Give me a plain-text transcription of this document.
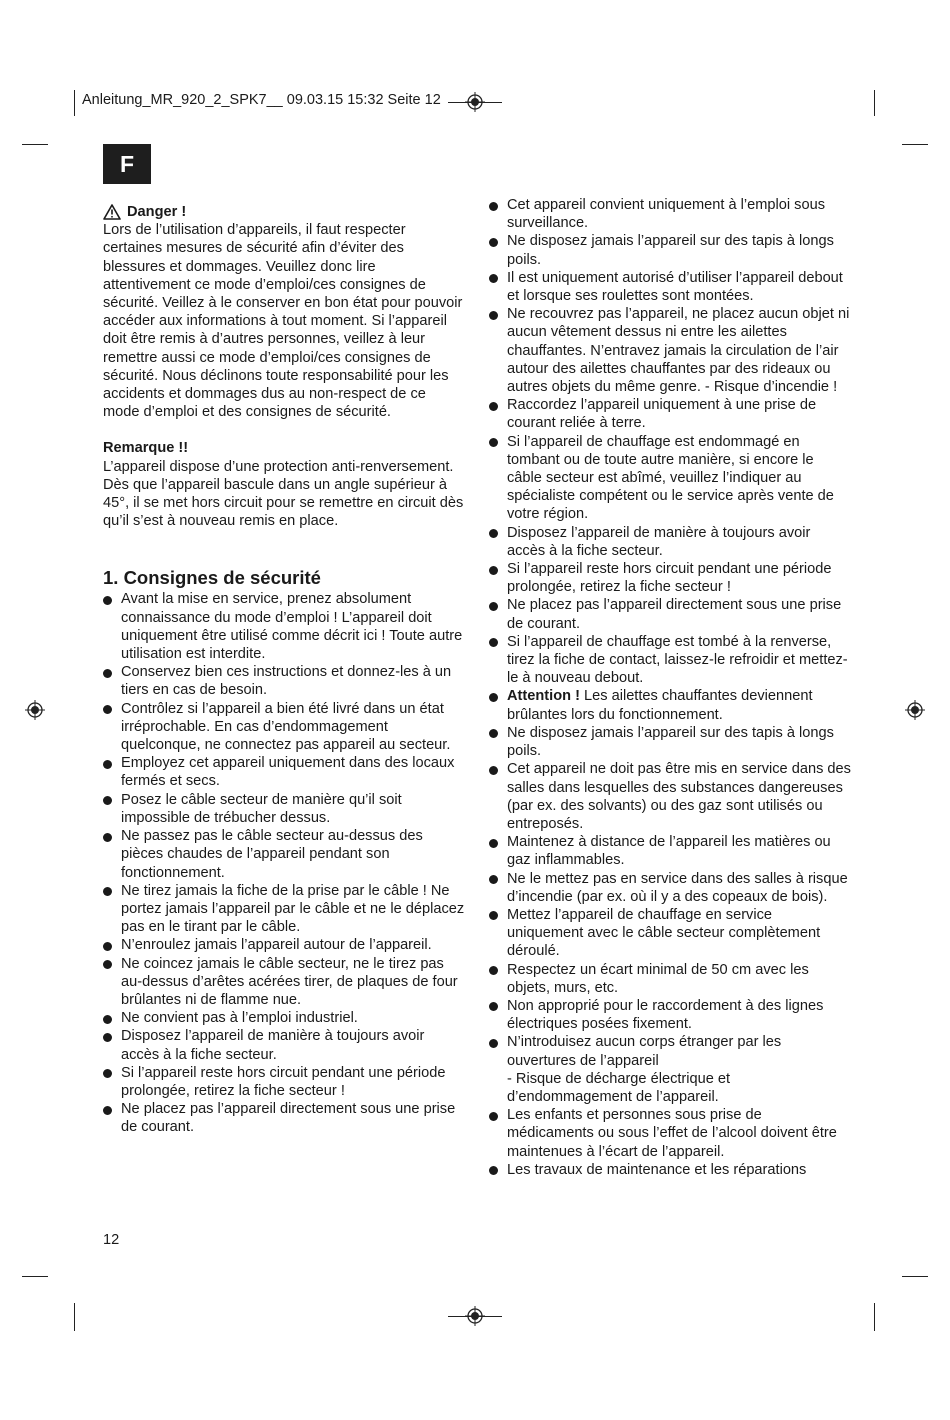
Anleitung_MR_920_2_SPK7__ 09.03.15 15:32 Seite 12
F

Danger !

Lors de l’utilisation d’appareils, il faut respecter certaines mesures de sécurité afin d’éviter des blessures et dommages. Veuillez donc lire attentivement ce mode d’emploi/ces consignes de sécurité. Veillez à le conserver en bon état pour pouvoir accéder aux informations à tout moment. Si l’appareil doit être remis à d’autres personnes, veillez à leur remettre aussi ce mode d’emploi/ces consignes de sécurité. Nous déclinons toute responsabilité pour les accidents et dommages dus au non-respect de ce mode d’emploi et des consignes de sécurité.

Remarque !!

L’appareil dispose d’une protection anti-renversement. Dès que l’appareil bascule dans un angle supérieur à 45°, il se met hors circuit pour se remettre en circuit dès qu’il s’est à nouveau remis en place.

1. Consignes de sécurité
Avant la mise en service, prenez absolument connaissance du mode d’emploi ! L’appareil doit uniquement être utilisé comme décrit ici ! Toute autre utilisation est interdite.
Conservez bien ces instructions et donnez-les à un tiers en cas de besoin.
Contrôlez si l’appareil a bien été livré dans un état irréprochable. En cas d’endommagement quelconque, ne connectez pas appareil au secteur.
Employez cet appareil uniquement dans des locaux fermés et secs.
Posez le câble secteur de manière qu’il soit impossible de trébucher dessus.
Ne passez pas le câble secteur au-dessus des pièces chaudes de l’appareil pendant son fonctionnement.
Ne tirez jamais la fiche de la prise par le câble ! Ne portez jamais l’appareil par le câble et ne le déplacez pas en le tirant par le câble.
N’enroulez jamais l’appareil autour de l’appareil.
Ne coincez jamais le câble secteur, ne le tirez pas au-dessus d’arêtes acérées tirer, de plaques de four brûlantes ni de flamme nue.
Ne convient pas à l’emploi industriel.
Disposez l’appareil de manière à toujours avoir accès à la fiche secteur.
Si l’appareil reste hors circuit pendant une période prolongée, retirez la fiche secteur !
Ne placez pas l’appareil directement sous une prise de courant.
Cet appareil convient uniquement à l’emploi sous surveillance.
Ne disposez jamais l’appareil sur des tapis à longs poils.
Il est uniquement autorisé d’utiliser l’appareil debout et lorsque ses roulettes sont montées.
Ne recouvrez pas l’appareil, ne placez aucun objet ni aucun vêtement dessus ni entre les ailettes chauffantes. N’entravez jamais la circulation de l’air autour des ailettes chauffantes par des rideaux ou autres objets du même genre. - Risque d’incendie !
Raccordez l’appareil uniquement à une prise de courant reliée à terre.
Si l’appareil de chauffage est endommagé en tombant ou de toute autre manière, si encore le câble secteur est abîmé, veuillez l’indiquer au spécialiste compétent ou le service après vente de votre région.
Disposez l’appareil de manière à toujours avoir accès à la fiche secteur.
Si l’appareil reste hors circuit pendant une période prolongée, retirez la fiche secteur !
Ne placez pas l’appareil directement sous une prise de courant.
Si l’appareil de chauffage est tombé à la renverse, tirez la fiche de contact, laissez-le refroidir et mettez-le à nouveau debout.
Attention ! Les ailettes chauffantes deviennent brûlantes lors du fonctionnement.
Ne disposez jamais l’appareil sur des tapis à longs poils.
Cet appareil ne doit pas être mis en service dans des salles dans lesquelles des substances dangereuses (par ex. des solvants) ou des gaz sont utilisés ou entreposés.
Maintenez à distance de l’appareil les matières ou gaz inflammables.
Ne le mettez pas en service dans des salles à risque d’incendie (par ex. où il y a des copeaux de bois).
Mettez l’appareil de chauffage en service uniquement avec le câble secteur complètement déroulé.
Respectez un écart minimal de 50 cm avec les objets, murs, etc.
Non approprié pour le raccordement à des lignes électriques posées fixement.
N’introduisez aucun corps étranger par les ouvertures de l’appareil
- Risque de décharge électrique et d’endommagement de l’appareil.
Les enfants et personnes sous prise de médicaments ou sous l’effet de l’alcool doivent être maintenues à l’écart de l’appareil.
Les travaux de maintenance et les réparations
12
